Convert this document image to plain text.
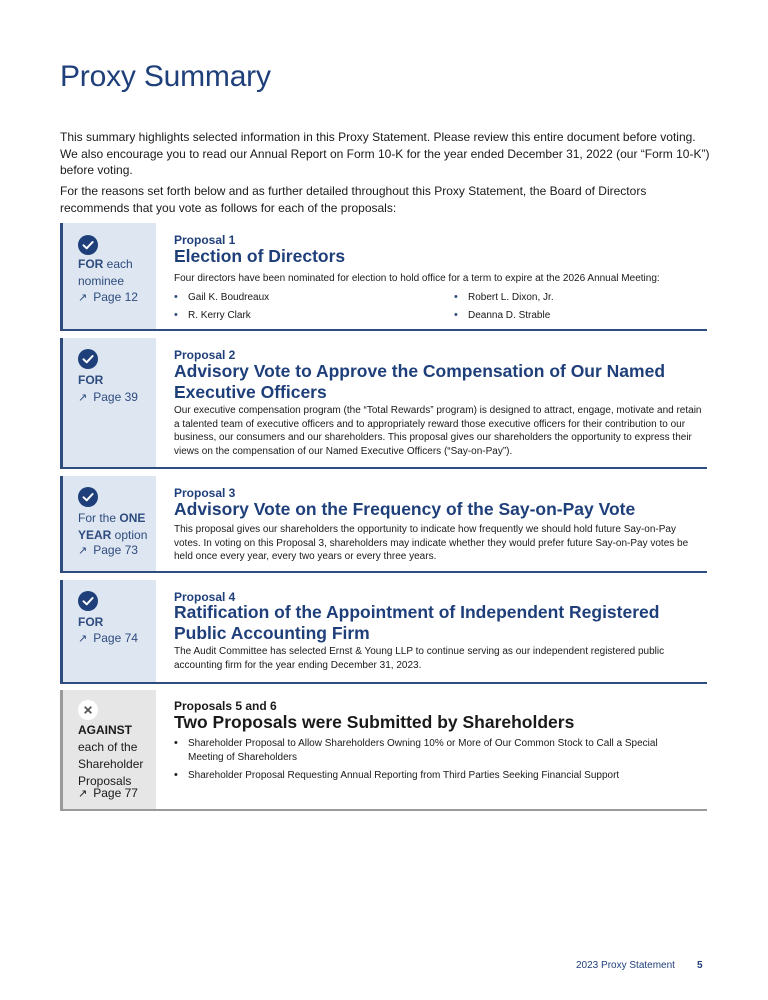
Proxy Summary

This summary highlights selected information in this Proxy Statement. Please review this entire document before voting. We also encourage you to read our Annual Report on Form 10-K for the year ended December 31, 2022 (our “Form 10-K”) before voting.

For the reasons set forth below and as further detailed throughout this Proxy Statement, the Board of Directors recommends that you vote as follows for each of the proposals:

FOR each nominee
↗ Page 12
Proposal 1
Election of Directors

Four directors have been nominated for election to hold office for a term to expire at the 2026 Annual Meeting:

• Gail K. Boudreaux	• Robert L. Dixon, Jr.
• R. Kerry Clark	• Deanna D. Strable
FOR
↗ Page 39
Proposal 2
Advisory Vote to Approve the Compensation of Our Named Executive Officers

Our executive compensation program (the “Total Rewards” program) is designed to attract, engage, motivate and retain a talented team of executive officers and to appropriately reward those executive officers for their contribution to our business, our consumers and our shareholders. This proposal gives our shareholders the opportunity to express their views on the compensation of our Named Executive Officers (“Say-on-Pay”).

For the ONE YEAR option
↗ Page 73
Proposal 3
Advisory Vote on the Frequency of the Say-on-Pay Vote

This proposal gives our shareholders the opportunity to indicate how frequently we should hold future Say-on-Pay votes. In voting on this Proposal 3, shareholders may indicate whether they would prefer future Say-on-Pay votes be held once every year, every two years or every three years.

FOR
↗ Page 74
Proposal 4
Ratification of the Appointment of Independent Registered Public Accounting Firm

The Audit Committee has selected Ernst & Young LLP to continue serving as our independent registered public accounting firm for the year ending December 31, 2023.

AGAINST each of the Shareholder Proposals
↗ Page 77
Proposals 5 and 6
Two Proposals were Submitted by Shareholders
• Shareholder Proposal to Allow Shareholders Owning 10% or More of Our Common Stock to Call a Special Meeting of Shareholders
• Shareholder Proposal Requesting Annual Reporting from Third Parties Seeking Financial Support
2023 Proxy Statement 5
